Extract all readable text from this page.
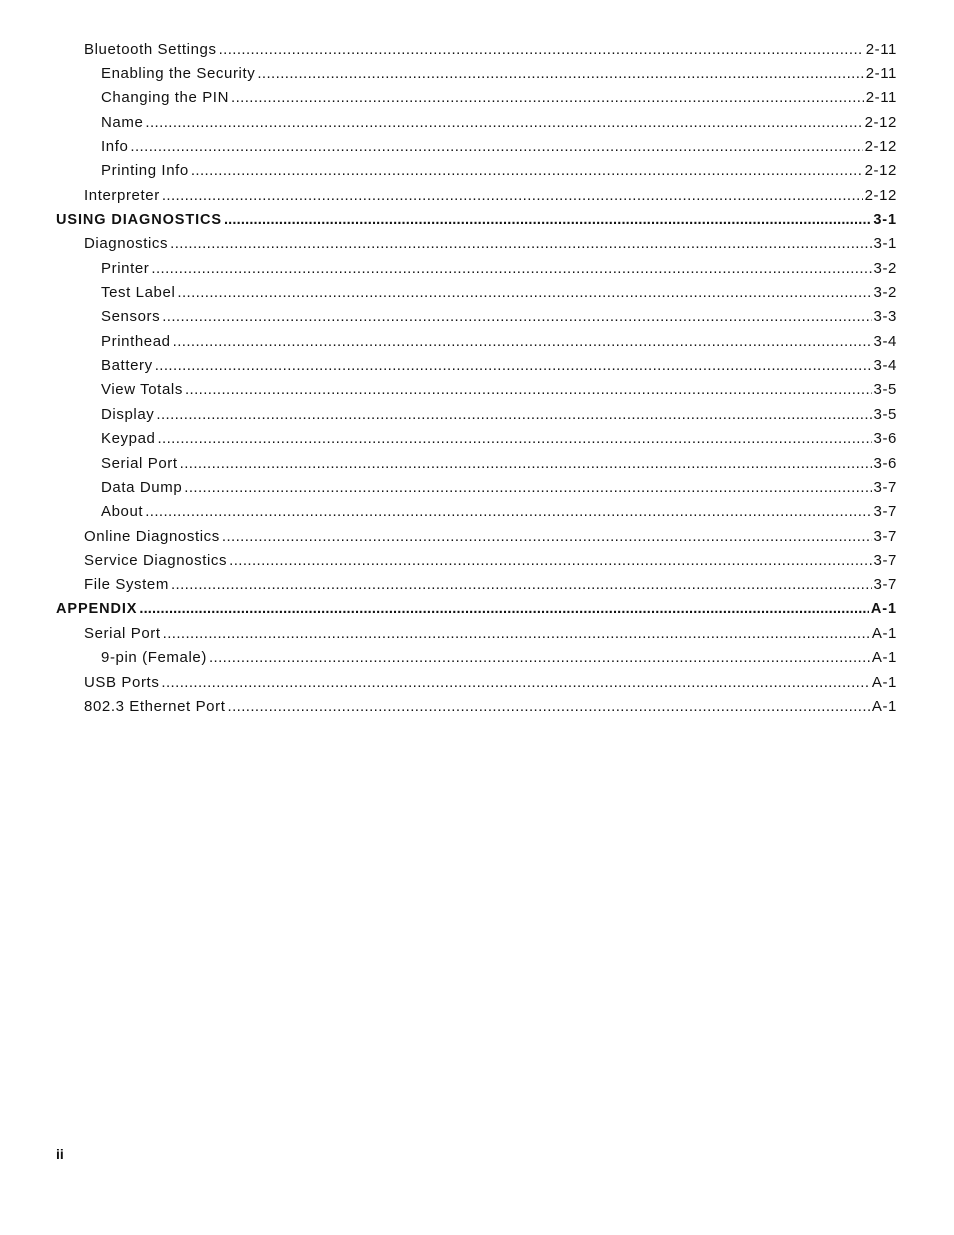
Bluetooth Settings .....	2-11
Enabling the Security .....	2-11
Changing the PIN .....	2-11
Name .....	2-12
Info .....	2-12
Printing Info .....	2-12
Interpreter .....	2-12
USING DIAGNOSTICS .....	3-1
Diagnostics .....	3-1
Printer .....	3-2
Test Label .....	3-2
Sensors .....	3-3
Printhead .....	3-4
Battery .....	3-4
View Totals .....	3-5
Display .....	3-5
Keypad .....	3-6
Serial Port .....	3-6
Data Dump .....	3-7
About .....	3-7
Online Diagnostics .....	3-7
Service Diagnostics .....	3-7
File System .....	3-7
APPENDIX .....	A-1
Serial Port .....	A-1
9-pin (Female) .....	A-1
USB Ports .....	A-1
802.3 Ethernet Port .....	A-1
ii
